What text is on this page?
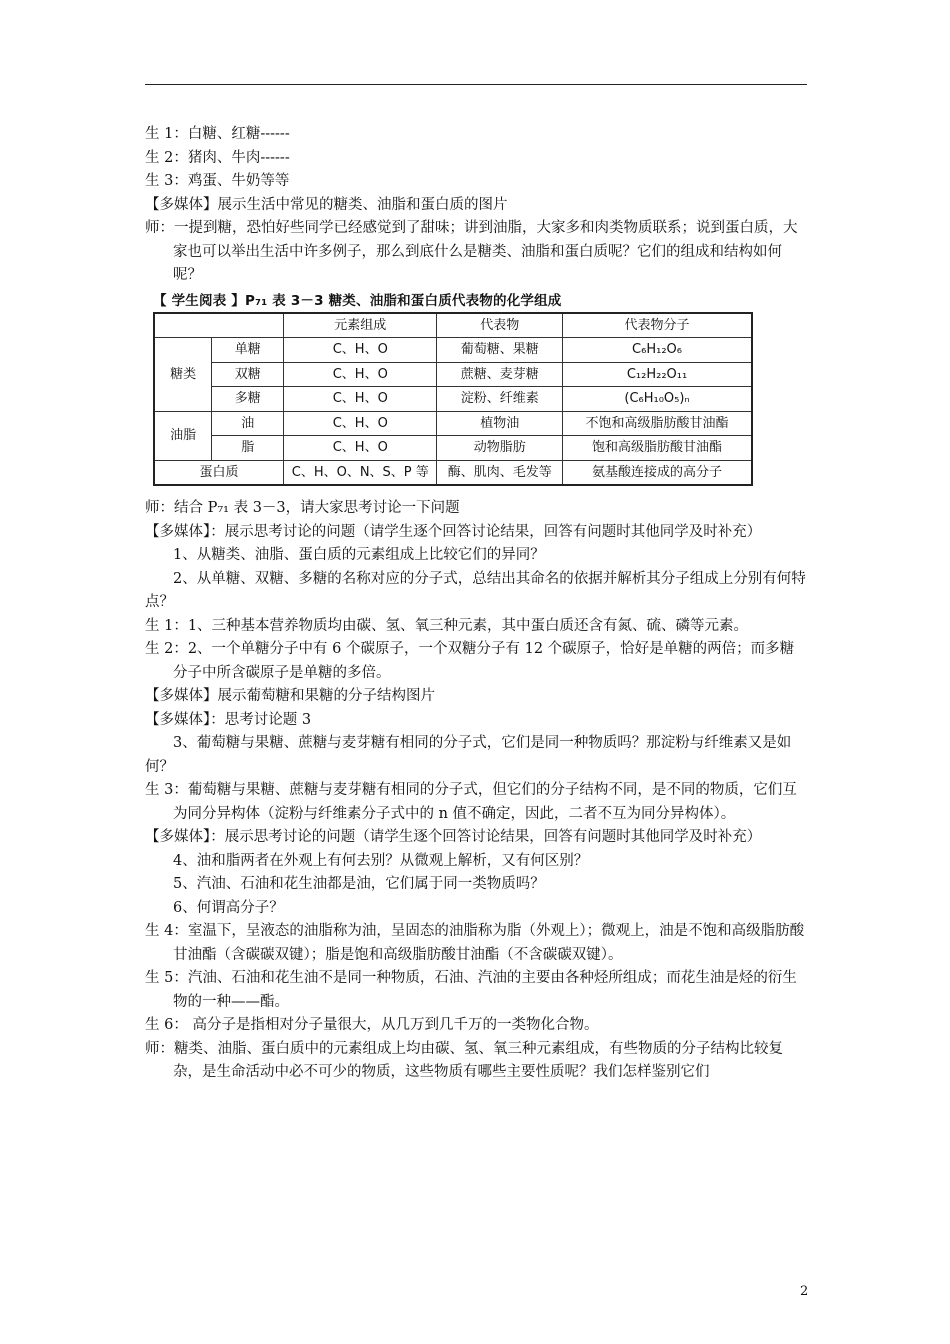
生 1：白糖、红糖------
生 2：猪肉、牛肉------
生 3：鸡蛋、牛奶等等
【多媒体】展示生活中常见的糖类、油脂和蛋白质的图片
师：一提到糖，恐怕好些同学已经感觉到了甜味；讲到油脂，大家多和肉类物质联系；说到蛋白质，大家也可以举出生活中许多例子，那么到底什么是糖类、油脂和蛋白质呢？它们的组成和结构如何呢？
【 学生阅表 】P₇₁ 表 3－3 糖类、油脂和蛋白质代表物的化学组成
		元素组成	代表物	代表物分子
糖类	单糖	C、H、O	葡萄糖、果糖	C₆H₁₂O₆
	双糖	C、H、O	蔗糖、麦芽糖	C₁₂H₂₂O₁₁
	多糖	C、H、O	淀粉、纤维素	(C₆H₁₀O₅)ₙ
油脂	油	C、H、O	植物油	不饱和高级脂肪酸甘油酯
	脂	C、H、O	动物脂肪	饱和高级脂肪酸甘油酯
蛋白质		C、H、O、N、S、P 等	酶、肌肉、毛发等	氨基酸连接成的高分子
师：结合 P₇₁ 表 3－3，请大家思考讨论一下问题
【多媒体】：展示思考讨论的问题（请学生逐个回答讨论结果，回答有问题时其他同学及时补充）
1、从糖类、油脂、蛋白质的元素组成上比较它们的异同？
2、从单糖、双糖、多糖的名称对应的分子式，总结出其命名的依据并解析其分子组成上分别有何特点？
生 1：1、三种基本营养物质均由碳、氢、氧三种元素，其中蛋白质还含有氮、硫、磷等元素。
生 2：2、一个单糖分子中有 6 个碳原子，一个双糖分子有 12 个碳原子，恰好是单糖的两倍；而多糖分子中所含碳原子是单糖的多倍。
【多媒体】展示葡萄糖和果糖的分子结构图片
【多媒体】：思考讨论题 3
3、葡萄糖与果糖、蔗糖与麦芽糖有相同的分子式，它们是同一种物质吗？那淀粉与纤维素又是如何？
生 3：葡萄糖与果糖、蔗糖与麦芽糖有相同的分子式，但它们的分子结构不同，是不同的物质，它们互为同分异构体（淀粉与纤维素分子式中的 n 值不确定，因此，二者不互为同分异构体）。
【多媒体】：展示思考讨论的问题（请学生逐个回答讨论结果，回答有问题时其他同学及时补充）
4、油和脂两者在外观上有何去别？从微观上解析，又有何区别？
5、汽油、石油和花生油都是油，它们属于同一类物质吗？
6、何谓高分子？
生 4：室温下，呈液态的油脂称为油，呈固态的油脂称为脂（外观上）；微观上，油是不饱和高级脂肪酸甘油酯（含碳碳双键）；脂是饱和高级脂肪酸甘油酯（不含碳碳双键）。
生 5：汽油、石油和花生油不是同一种物质，石油、汽油的主要由各种烃所组成；而花生油是烃的衍生物的一种——酯。
生 6： 高分子是指相对分子量很大，从几万到几千万的一类物化合物。
师：糖类、油脂、蛋白质中的元素组成上均由碳、氢、氧三种元素组成，有些物质的分子结构比较复杂，是生命活动中必不可少的物质，这些物质有哪些主要性质呢？我们怎样鉴别它们
2
